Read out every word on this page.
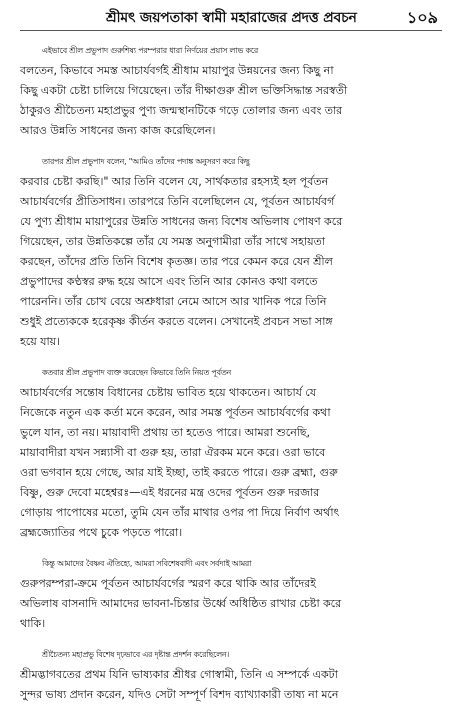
শ্রীমৎ জয়পতাকা স্বামী মহারাজের প্রদত্ত প্রবচন	১০৯

এইভাবে শ্রীল প্রভুপাদ গুরুশিষ্য পরম্পরার ধারা নির্ণয়ের প্রয়াস লাভ করে
বলতেন, কিভাবে সমস্ত আচার্যবর্গই শ্রীধাম মায়াপুর উন্নয়নের জন্য কিছু না
কিছু একটা চেষ্টা চালিয়ে গিয়েছেন। তাঁর দীক্ষাগুরু শ্রীল ভক্তিসিদ্ধান্ত সরস্বতী
ঠাকুরও শ্রীচৈতন্য মহাপ্রভুর পুণ্য জন্মস্থানটিকে গড়ে তোলার জন্য এবং তার
আরও উন্নতি সাধনের জন্য কাজ করেছিলেন।

তারপর শ্রীল প্রভুপাদ বলেন, "আমিও তাঁদের পদাঙ্ক অনুসরণ করে কিছু
করবার চেষ্টা করছি।" আর তিনি বলেন যে, সার্থকতার রহস্যই হল পূর্বতন
আচার্যবর্গের প্রীতিসাধন। তারপরে তিনি বলেছিলেন যে, পূর্বতন আচার্যবর্গ
যে পুণ্য শ্রীধাম মায়াপুরের উন্নতি সাধনের জন্য বিশেষ অভিলাষ পোষণ করে
গিয়েছেন, তার উন্নতিকল্পে তাঁর যে সমস্ত অনুগামীরা তাঁর সাথে সহায়তা
করছেন, তাঁদের প্রতি তিনি বিশেষ কৃতজ্ঞ। তার পরে কেমন করে যেন শ্রীল
প্রভুপাদের কণ্ঠস্বর রুদ্ধ হয়ে আসে এবং তিনি আর কোনও কথা বলতে
পারেননি। তাঁর চোখ বেয়ে অশ্রুধারা নেমে আসে আর খানিক পরে তিনি
শুধুই প্রত্যেককে হরেকৃষ্ণ কীর্তন করতে বলেন। সেখানেই প্রবচন সভা সাঙ্গ
হয়ে যায়।

কতবার শ্রীল প্রভুপাদ ব্যক্ত করেছেন কিভাবে তিনি নিয়ত পূর্বতন
আচার্যবর্গের সন্তোষ বিধানের চেষ্টায় ভাবিত হয়ে থাকতেন। আচার্য যে
নিজেকে নতুন এক কর্তা মনে করেন, আর সমস্ত পূর্বতন আচার্যবর্গের কথা
ভুলে যান, তা নয়। মায়াবাদী প্রথায় তা হতেও পারে। আমরা শুনেছি,
মায়াবাদীরা যখন সন্ন্যাসী বা গুরু হয়, তারা ঐরকম মনে করে। ওরা ভাবে
ওরা ভগবান হয়ে গেছে, আর যাই ইচ্ছা, তাই করতে পারে। গুরু ব্রহ্মা, গুরু
বিষ্ণু, গুরু দেবো মহেশ্বরঃ—এই ধরনের মন্ত্র ওদের পূর্বতন গুরু দরজার
গোড়ায় পাপোষের মতো, তুমি যেন তাঁর মাথার ওপর পা দিয়ে নির্বাণ অর্থাৎ
ব্রহ্মজ্যোতির পথে চুকে পড়তে পারো।

কিন্তু আমাদের বৈষ্ণব ঐতিহ্যে, আমরা সবিশেষবাদী এবং সর্বদাই আমরা
গুরুপরম্পরা-ক্রমে পূর্বতন আচার্যবর্গের স্মরণ করে থাকি আর তাঁদেরই
অভিলাষ বাসনাদি আমাদের ভাবনা-চিন্তার উর্ধ্বে অধিষ্ঠিত রাখার চেষ্টা করে
থাকি।

শ্রীচৈতন্য মহাপ্রভু বিশেষ দৃঢ়ভাবে এর দৃষ্টান্ত প্রদর্শন করেছিলেন।
শ্রীমদ্ভাগবতের প্রথম যিনি ভাষ্যকার শ্রীধর গোস্বামী, তিনি এ সম্পর্কে একটা
সুন্দর ভাষ্য প্রদান করেন, যদিও সেটা সম্পূর্ণ বিশদ ব্যাখ্যাকারী তাষ্য না মনে
